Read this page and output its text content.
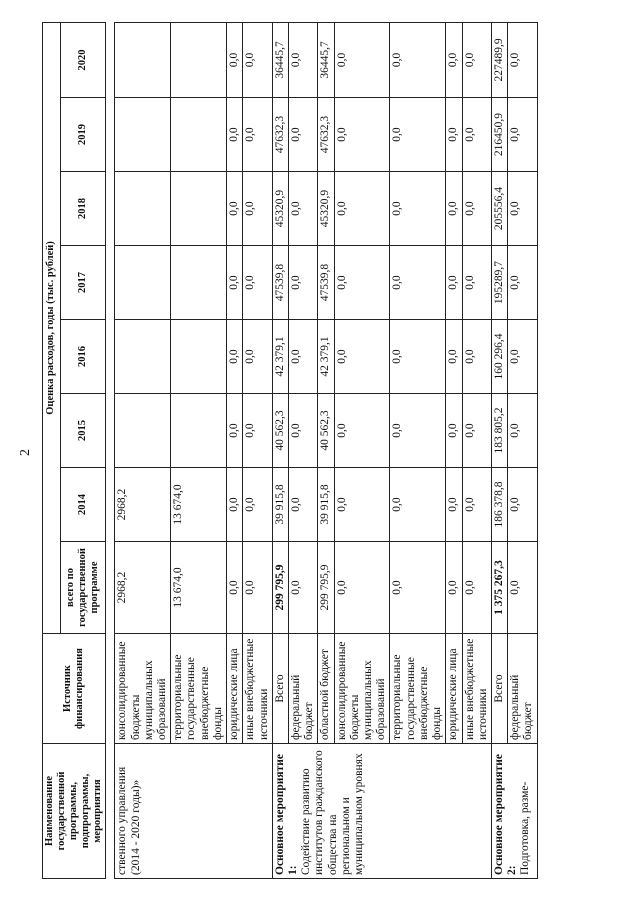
2
Наименование государственной программы, подпрограммы, мероприятия	Источник финансирования	Оценка расходов, годы (тыс. рублей)							
		всего по государственной программе	2014	2015	2016	2017	2018	2019	2020

ственного управления (2014 - 2020 годы)»	консолидированные бюджеты муниципальных образований	2968,2	2968,2						
	территориальные государственные внебюджетные фонды	13 674,0	13 674,0						
	юридические лица	0,0	0,0	0,0	0,0	0,0	0,0	0,0	0,0
	иные внебюджетные источники	0,0	0,0	0,0	0,0	0,0	0,0	0,0	0,0

Основное мероприятие 1: Содействие развитию институтов гражданского общества на региональном и муниципальном уровнях	Всего	299 795,9	39 915,8	40 562,3	42 379,1	47539,8	45320,9	47632,3	36445,7
	федеральный бюджет	0,0	0,0	0,0	0,0	0,0	0,0	0,0	0,0
	областной бюджет	299 795,9	39 915,8	40 562,3	42 379,1	47539,8	45320,9	47632,3	36445,7
	консолидированные бюджеты муниципальных образований	0,0	0,0	0,0	0,0	0,0	0,0	0,0	0,0
	территориальные государственные внебюджетные фонды	0,0	0,0	0,0	0,0	0,0	0,0	0,0	0,0
	юридические лица	0,0	0,0	0,0	0,0	0,0	0,0	0,0	0,0
	иные внебюджетные источники	0,0	0,0	0,0	0,0	0,0	0,0	0,0	0,0

Основное мероприятие 2: Подготовка, разме-	Всего	1 375 267,3	186 378,8	183 805,2	160 296,4	195289,7	205556,4	216450,9	227489,9
	федеральный бюджет	0,0	0,0	0,0	0,0	0,0	0,0	0,0	0,0
